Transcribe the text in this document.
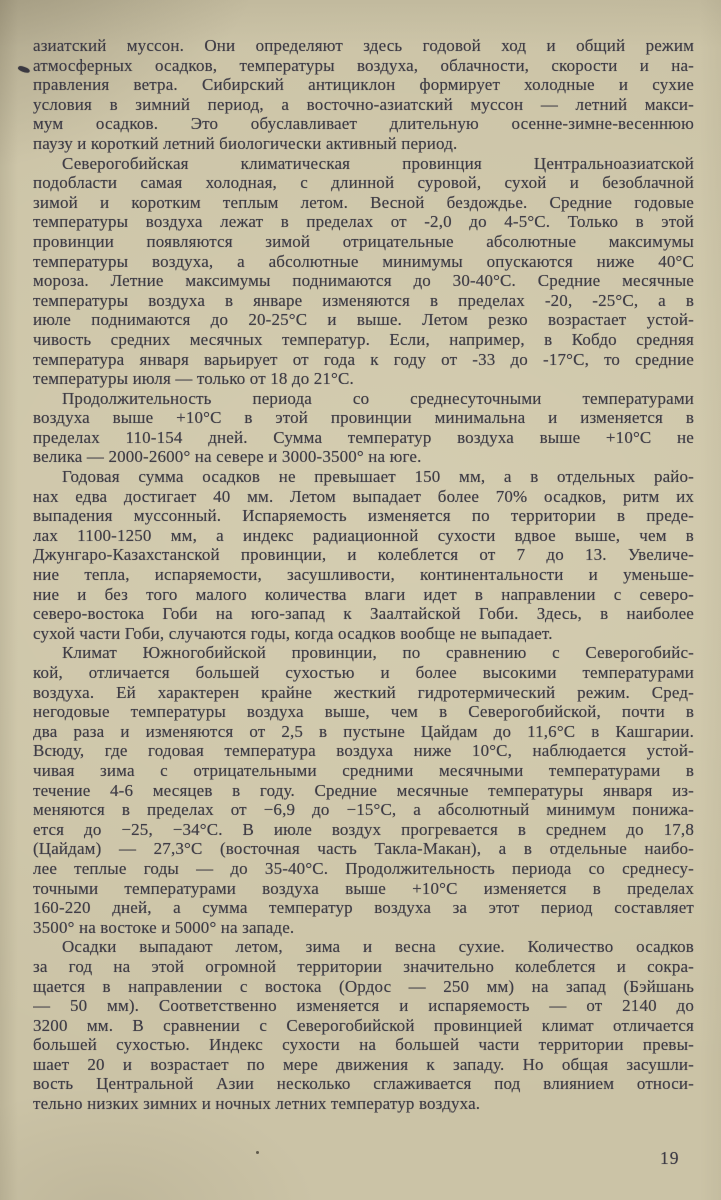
азиатский муссон. Они определяют здесь годовой ход и общий режим
атмосферных осадков, температуры воздуха, облачности, скорости и на-
правления ветра. Сибирский антициклон формирует холодные и сухие
условия в зимний период, а восточно-азиатский муссон — летний макси-
мум осадков. Это обуславливает длительную осенне-зимне-весеннюю
паузу и короткий летний биологически активный период.
Северогобийская климатическая провинция Центральноазиатской
подобласти самая холодная, с длинной суровой, сухой и безоблачной
зимой и коротким теплым летом. Весной бездождье. Средние годовые
температуры воздуха лежат в пределах от -2,0 до 4-5°С. Только в этой
провинции появляются зимой отрицательные абсолютные максимумы
температуры воздуха, а абсолютные минимумы опускаются ниже 40°С
мороза. Летние максимумы поднимаются до 30-40°С. Средние месячные
температуры воздуха в январе изменяются в пределах -20, -25°С, а в
июле поднимаются до 20-25°С и выше. Летом резко возрастает устой-
чивость средних месячных температур. Если, например, в Кобдо средняя
температура января варьирует от года к году от -33 до -17°С, то средние
температуры июля — только от 18 до 21°С.
Продолжительность периода со среднесуточными температурами
воздуха выше +10°С в этой провинции минимальна и изменяется в
пределах 110-154 дней. Сумма температур воздуха выше +10°С не
велика — 2000-2600° на севере и 3000-3500° на юге.
Годовая сумма осадков не превышает 150 мм, а в отдельных райо-
нах едва достигает 40 мм. Летом выпадает более 70% осадков, ритм их
выпадения муссонный. Испаряемость изменяется по территории в преде-
лах 1100-1250 мм, а индекс радиационной сухости вдвое выше, чем в
Джунгаро-Казахстанской провинции, и колеблется от 7 до 13. Увеличе-
ние тепла, испаряемости, засушливости, континентальности и уменьше-
ние и без того малого количества влаги идет в направлении с северо-
северо-востока Гоби на юго-запад к Заалтайской Гоби. Здесь, в наиболее
сухой части Гоби, случаются годы, когда осадков вообще не выпадает.
Климат Южногобийской провинции, по сравнению с Северогобийс-
кой, отличается большей сухостью и более высокими температурами
воздуха. Ей характерен крайне жесткий гидротермический режим. Сред-
негодовые температуры воздуха выше, чем в Северогобийской, почти в
два раза и изменяются от 2,5 в пустыне Цайдам до 11,6°С в Кашгарии.
Всюду, где годовая температура воздуха ниже 10°С, наблюдается устой-
чивая зима с отрицательными средними месячными температурами в
течение 4-6 месяцев в году. Средние месячные температуры января из-
меняются в пределах от −6,9 до −15°С, а абсолютный минимум понижа-
ется до −25, −34°С. В июле воздух прогревается в среднем до 17,8
(Цайдам) — 27,3°С (восточная часть Такла-Макан), а в отдельные наибо-
лее теплые годы — до 35-40°С. Продолжительность периода со среднесу-
точными температурами воздуха выше +10°С изменяется в пределах
160-220 дней, а сумма температур воздуха за этот период составляет
3500° на востоке и 5000° на западе.
Осадки выпадают летом, зима и весна сухие. Количество осадков
за год на этой огромной территории значительно колеблется и сокра-
щается в направлении с востока (Ордос — 250 мм) на запад (Бэйшань
— 50 мм). Соответственно изменяется и испаряемость — от 2140 до
3200 мм. В сравнении с Северогобийской провинцией климат отличается
большей сухостью. Индекс сухости на большей части территории превы-
шает 20 и возрастает по мере движения к западу. Но общая засушли-
вость Центральной Азии несколько сглаживается под влиянием относи-
тельно низких зимних и ночных летних температур воздуха.
19
